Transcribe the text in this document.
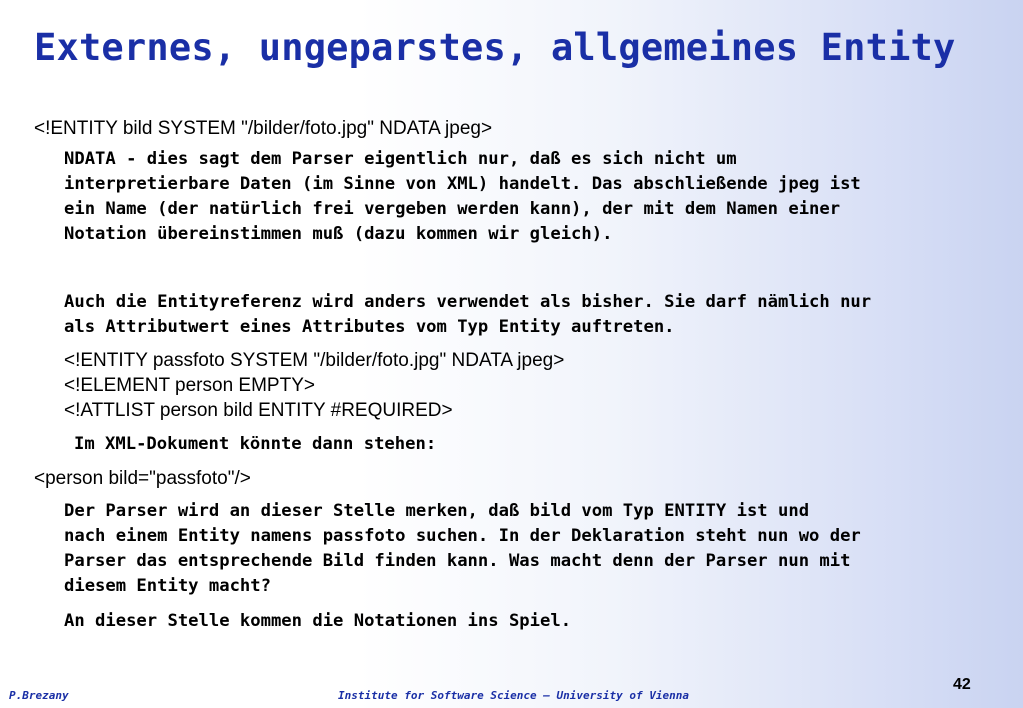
Externes, ungeparstes, allgemeines Entity

<!ENTITY bild SYSTEM "/bilder/foto.jpg" NDATA jpeg>

NDATA - dies sagt dem Parser eigentlich nur, daß es sich nicht um
interpretierbare Daten (im Sinne von XML) handelt. Das abschließende jpeg ist
ein Name (der natürlich frei vergeben werden kann), der mit dem Namen einer
Notation übereinstimmen muß (dazu kommen wir gleich).

Auch die Entityreferenz wird anders verwendet als bisher. Sie darf nämlich nur
als Attributwert eines Attributes vom Typ Entity auftreten.

<!ENTITY passfoto SYSTEM "/bilder/foto.jpg" NDATA jpeg>
<!ELEMENT person EMPTY>
<!ATTLIST person bild ENTITY #REQUIRED>

Im XML-Dokument könnte dann stehen:

<person bild="passfoto"/>

Der Parser wird an dieser Stelle merken, daß bild vom Typ ENTITY ist und
nach einem Entity namens passfoto suchen. In der Deklaration steht nun wo der
Parser das entsprechende Bild finden kann. Was macht denn der Parser nun mit
diesem Entity macht?

An dieser Stelle kommen die Notationen ins Spiel.

P.Brezany	Institute for Software Science – University of Vienna
42
